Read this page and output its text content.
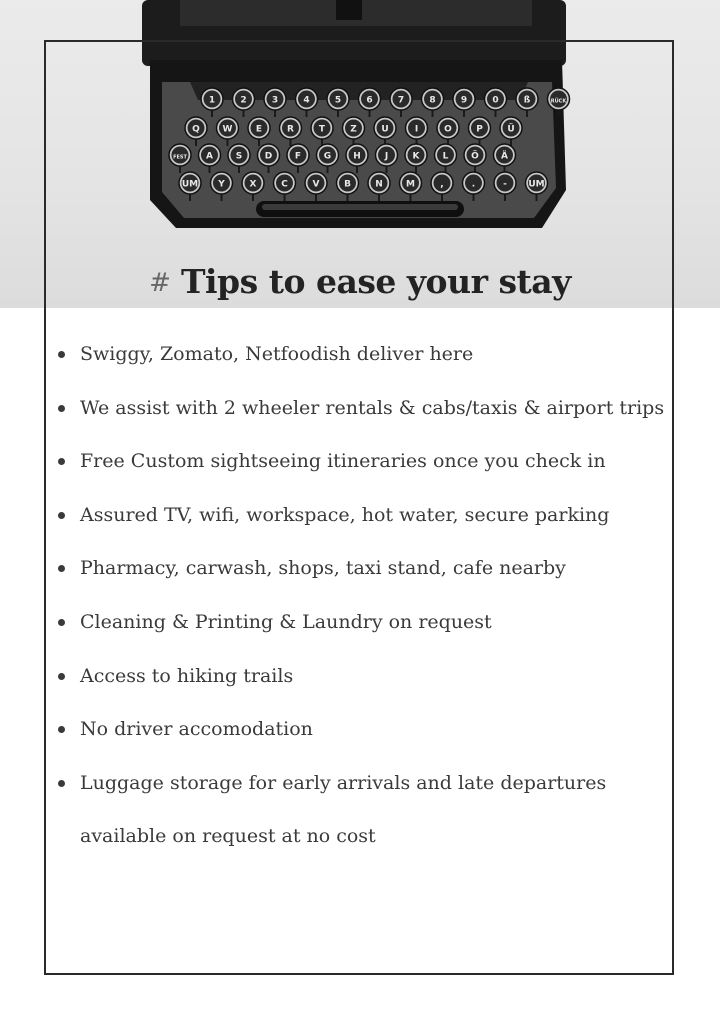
1	2	3	4	5	6	7	8	9	0	ß	RÜCK
Q	W	E	R	T	Z	U	I	O	P	Ü
FEST A	S	D	F	G H	J	K	L	Ö Ä
UM Y	X	C	V	B	N	M	,	.	- UM
# Tips to ease your stay
Swiggy, Zomato, Netfoodish deliver here
We assist with 2 wheeler rentals & cabs/taxis & airport trips
Free Custom sightseeing itineraries once you check in
Assured TV, wifi, workspace, hot water, secure parking
Pharmacy, carwash, shops, taxi stand, cafe nearby
Cleaning & Printing & Laundry on request
Access to hiking trails
No driver accomodation
Luggage storage for early arrivals and late departures
available on request at no cost
